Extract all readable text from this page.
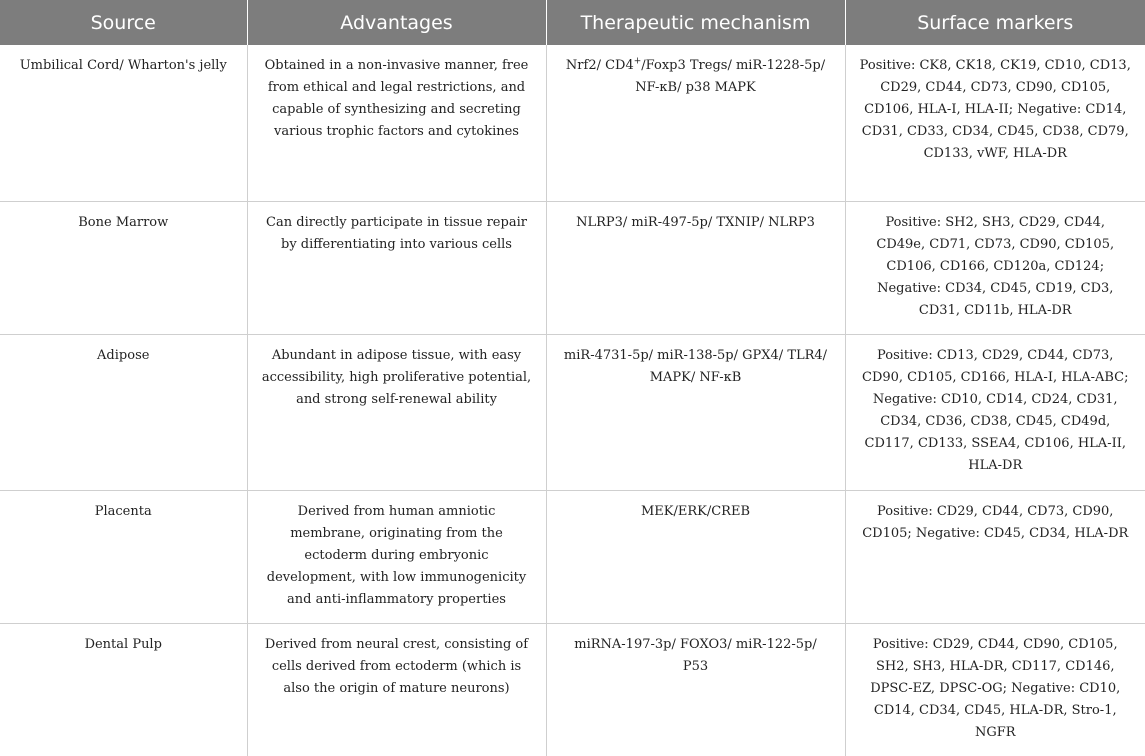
Source	Advantages	Therapeutic mechanism	Surface markers
Umbilical Cord/ Wharton's jelly	Obtained in a non-invasive manner, free from ethical and legal restrictions, and capable of synthesizing and secreting various trophic factors and cytokines	Nrf2/ CD4+/Foxp3 Tregs/ miR-1228-5p/ NF-κB/ p38 MAPK	Positive: CK8, CK18, CK19, CD10, CD13, CD29, CD44, CD73, CD90, CD105, CD106, HLA-I, HLA-II; Negative: CD14, CD31, CD33, CD34, CD45, CD38, CD79, CD133, vWF, HLA-DR
Bone Marrow	Can directly participate in tissue repair by differentiating into various cells	NLRP3/ miR-497-5p/ TXNIP/ NLRP3	Positive: SH2, SH3, CD29, CD44, CD49e, CD71, CD73, CD90, CD105, CD106, CD166, CD120a, CD124; Negative: CD34, CD45, CD19, CD3, CD31, CD11b, HLA-DR
Adipose	Abundant in adipose tissue, with easy accessibility, high proliferative potential, and strong self-renewal ability	miR-4731-5p/ miR-138-5p/ GPX4/ TLR4/ MAPK/ NF-κB	Positive: CD13, CD29, CD44, CD73, CD90, CD105, CD166, HLA-I, HLA-ABC; Negative: CD10, CD14, CD24, CD31, CD34, CD36, CD38, CD45, CD49d, CD117, CD133, SSEA4, CD106, HLA-II, HLA-DR
Placenta	Derived from human amniotic membrane, originating from the ectoderm during embryonic development, with low immunogenicity and anti-inflammatory properties	MEK/ERK/CREB	Positive: CD29, CD44, CD73, CD90, CD105; Negative: CD45, CD34, HLA-DR
Dental Pulp	Derived from neural crest, consisting of cells derived from ectoderm (which is also the origin of mature neurons)	miRNA-197-3p/ FOXO3/ miR-122-5p/ P53	Positive: CD29, CD44, CD90, CD105, SH2, SH3, HLA-DR, CD117, CD146, DPSC-EZ, DPSC-OG; Negative: CD10, CD14, CD34, CD45, HLA-DR, Stro-1, NGFR
